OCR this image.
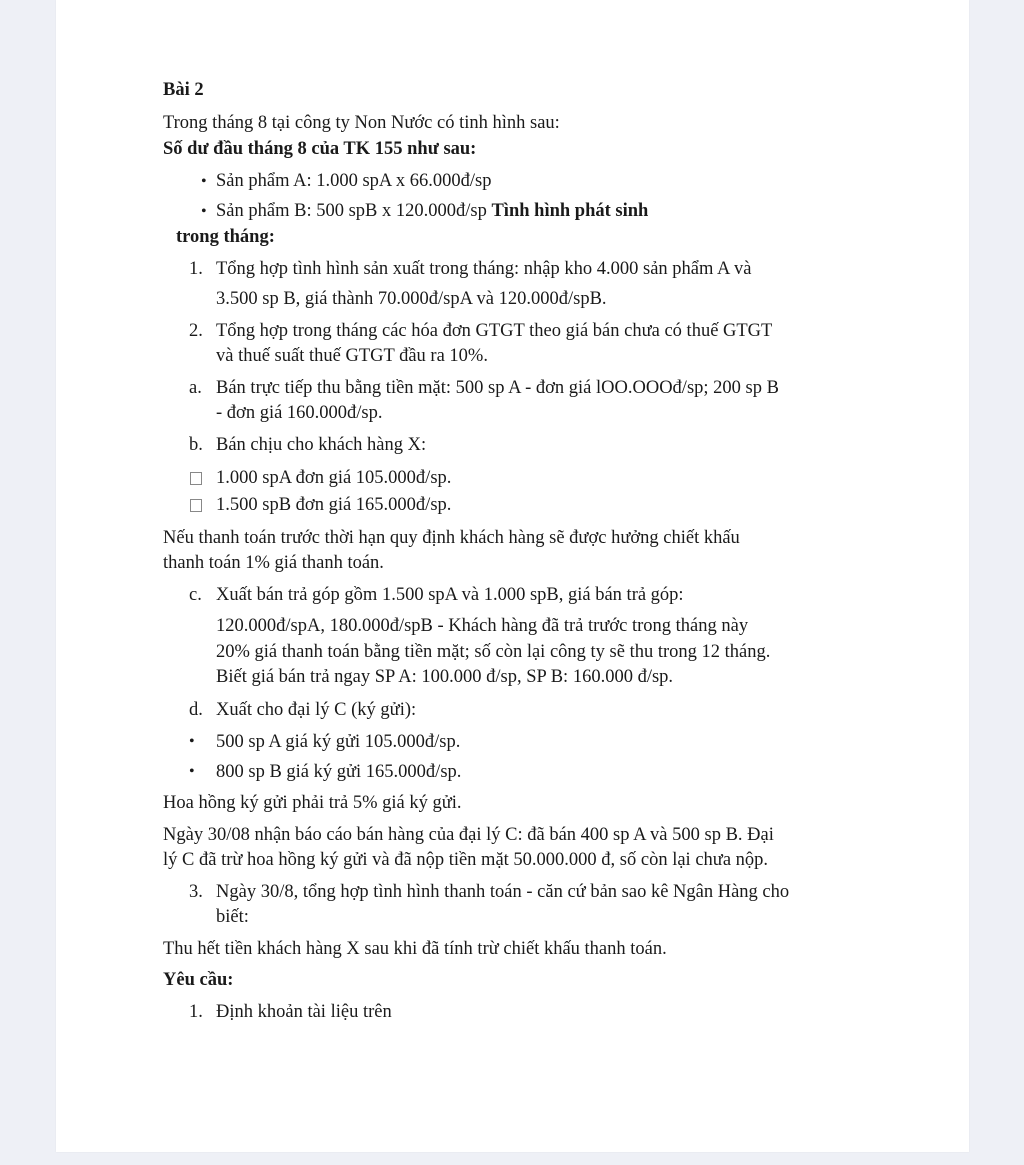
Bài 2
Trong tháng 8 tại công ty Non Nước có tinh hình sau:
Số dư đầu tháng 8 của TK 155 như sau:
• Sản phẩm A: 1.000 spA x 66.000đ/sp
• Sản phẩm B: 500 spB x 120.000đ/sp Tình hình phát sinh
trong tháng:
1. Tổng hợp tình hình sản xuất trong tháng: nhập kho 4.000 sản phẩm A và
3.500 sp B, giá thành 70.000đ/spA và 120.000đ/spB.
2. Tổng hợp trong tháng các hóa đơn GTGT theo giá bán chưa có thuế GTGT
và thuế suất thuế GTGT đầu ra 10%.
a. Bán trực tiếp thu bằng tiền mặt: 500 sp A - đơn giá lOO.OOOđ/sp; 200 sp B
- đơn giá 160.000đ/sp.
b. Bán chịu cho khách hàng X:
1.000 spA đơn giá 105.000đ/sp.
1.500 spB đơn giá 165.000đ/sp.
Nếu thanh toán trước thời hạn quy định khách hàng sẽ được hưởng chiết khấu
thanh toán 1% giá thanh toán.
c. Xuất bán trả góp gồm 1.500 spA và 1.000 spB, giá bán trả góp:
120.000đ/spA, 180.000đ/spB - Khách hàng đã trả trước trong tháng này
20% giá thanh toán bằng tiền mặt; số còn lại công ty sẽ thu trong 12 tháng.
Biết giá bán trả ngay SP A: 100.000 đ/sp, SP B: 160.000 đ/sp.
d. Xuất cho đại lý C (ký gửi):
• 500 sp A giá ký gửi 105.000đ/sp.
• 800 sp B giá ký gửi 165.000đ/sp.
Hoa hồng ký gửi phải trả 5% giá ký gửi.
Ngày 30/08 nhận báo cáo bán hàng của đại lý C: đã bán 400 sp A và 500 sp B. Đại
lý C đã trừ hoa hồng ký gửi và đã nộp tiền mặt 50.000.000 đ, số còn lại chưa nộp.
3. Ngày 30/8, tổng hợp tình hình thanh toán - căn cứ bản sao kê Ngân Hàng cho
biết:
Thu hết tiền khách hàng X sau khi đã tính trừ chiết khấu thanh toán.
Yêu cầu:
1. Định khoản tài liệu trên
